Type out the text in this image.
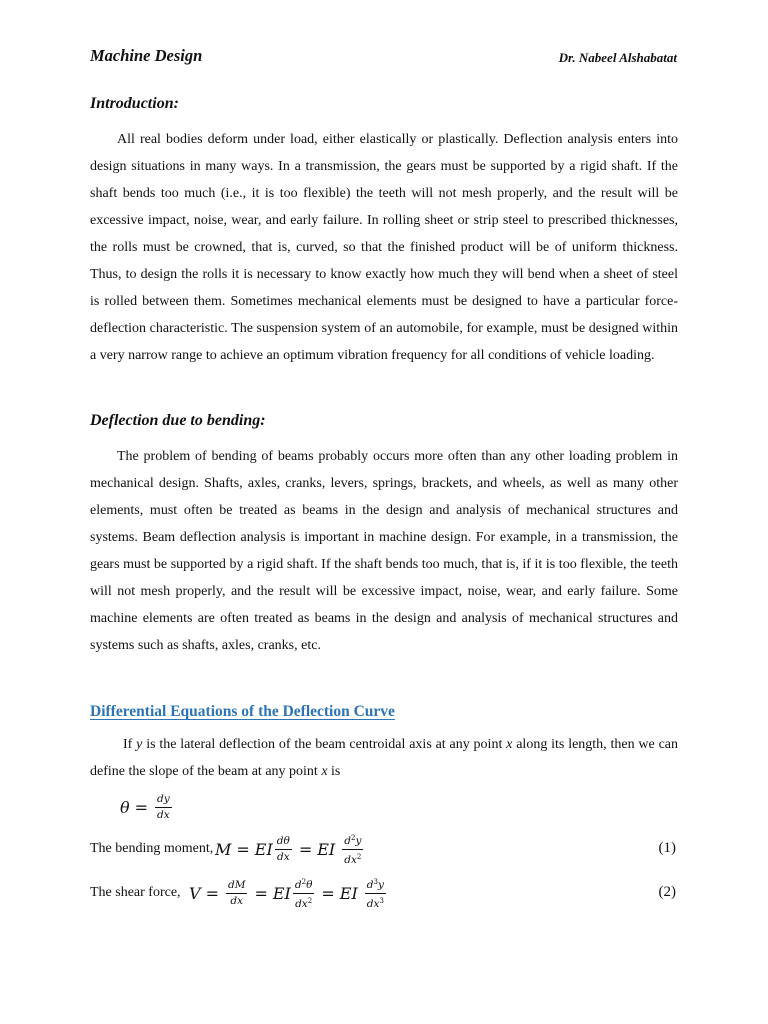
Machine Design	Dr. Nabeel Alshabatat
Introduction:

All real bodies deform under load, either elastically or plastically. Deflection analysis enters into design situations in many ways. In a transmission, the gears must be supported by a rigid shaft. If the shaft bends too much (i.e., it is too flexible) the teeth will not mesh properly, and the result will be excessive impact, noise, wear, and early failure. In rolling sheet or strip steel to prescribed thicknesses, the rolls must be crowned, that is, curved, so that the finished product will be of uniform thickness. Thus, to design the rolls it is necessary to know exactly how much they will bend when a sheet of steel is rolled between them. Sometimes mechanical elements must be designed to have a particular force-deflection characteristic. The suspension system of an automobile, for example, must be designed within a very narrow range to achieve an optimum vibration frequency for all conditions of vehicle loading.

Deflection due to bending:

The problem of bending of beams probably occurs more often than any other loading problem in mechanical design. Shafts, axles, cranks, levers, springs, brackets, and wheels, as well as many other elements, must often be treated as beams in the design and analysis of mechanical structures and systems. Beam deflection analysis is important in machine design. For example, in a transmission, the gears must be supported by a rigid shaft. If the shaft bends too much, that is, if it is too flexible, the teeth will not mesh properly, and the result will be excessive impact, noise, wear, and early failure. Some machine elements are often treated as beams in the design and analysis of mechanical structures and systems such as shafts, axles, cranks, etc.

Differential Equations of the Deflection Curve

If y is the lateral deflection of the beam centroidal axis at any point x along its length, then we can define the slope of the beam at any point x is

$\theta = \frac{dy}{dx}$
The bending moment, M = EI $\frac{d\theta}{dx}$ = EI $\frac{d^2y}{dx^2}$	(1)
The shear force, $V = \frac{dM}{dx}$ = EI $\frac{d^2\theta}{dx^2}$ = EI $\frac{d^3y}{dx^3}$	(2)
